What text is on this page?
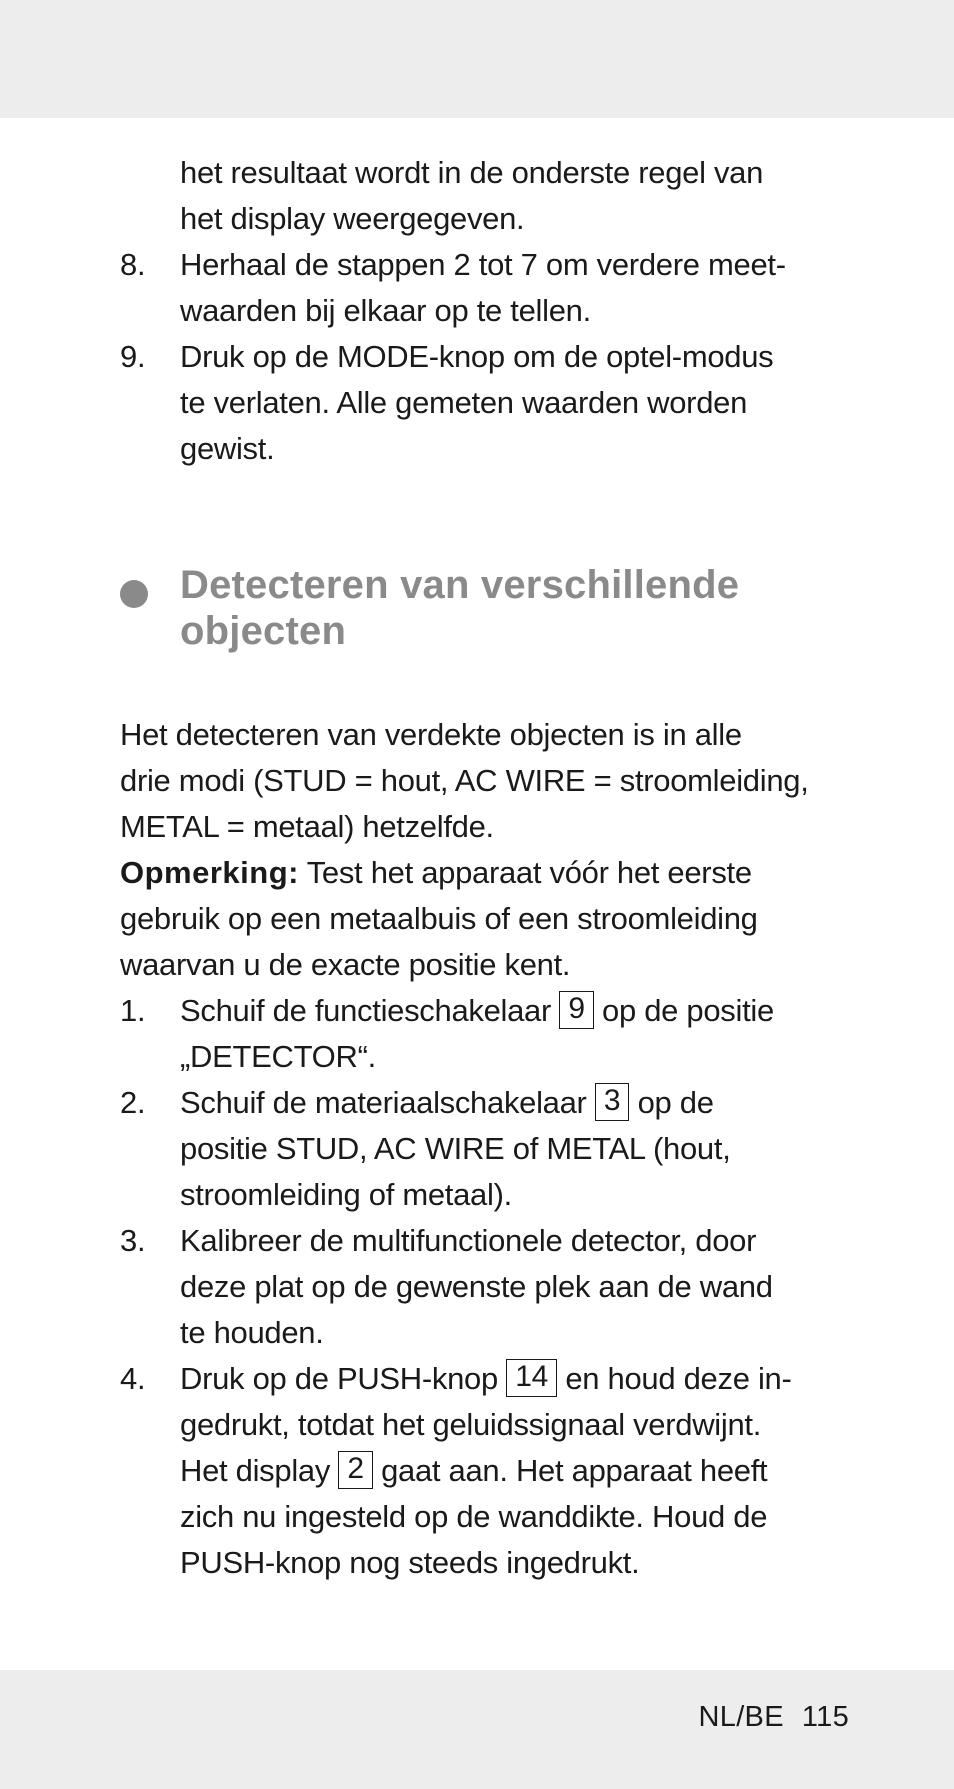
het resultaat wordt in de onderste regel van
het display weergegeven.
8. Herhaal de stappen 2 tot 7 om verdere meet-
waarden bij elkaar op te tellen.
9. Druk op de MODE-knop om de optel-modus
te verlaten. Alle gemeten waarden worden
gewist.
Detecteren van verschillende
objecten
Het detecteren van verdekte objecten is in alle
drie modi (STUD = hout, AC WIRE = stroomleiding,
METAL = metaal) hetzelfde.
Opmerking: Test het apparaat vóór het eerste
gebruik op een metaalbuis of een stroomleiding
waarvan u de exacte positie kent.
1. Schuif de functieschakelaar 9 op de positie
„DETECTOR“.
2. Schuif de materiaalschakelaar 3 op de
positie STUD, AC WIRE of METAL (hout,
stroomleiding of metaal).
3. Kalibreer de multifunctionele detector, door
deze plat op de gewenste plek aan de wand
te houden.
4. Druk op de PUSH-knop 14 en houd deze in-
gedrukt, totdat het geluidssignaal verdwijnt.
Het display 2 gaat aan. Het apparaat heeft
zich nu ingesteld op de wanddikte. Houd de
PUSH-knop nog steeds ingedrukt.
NL/BE 115
